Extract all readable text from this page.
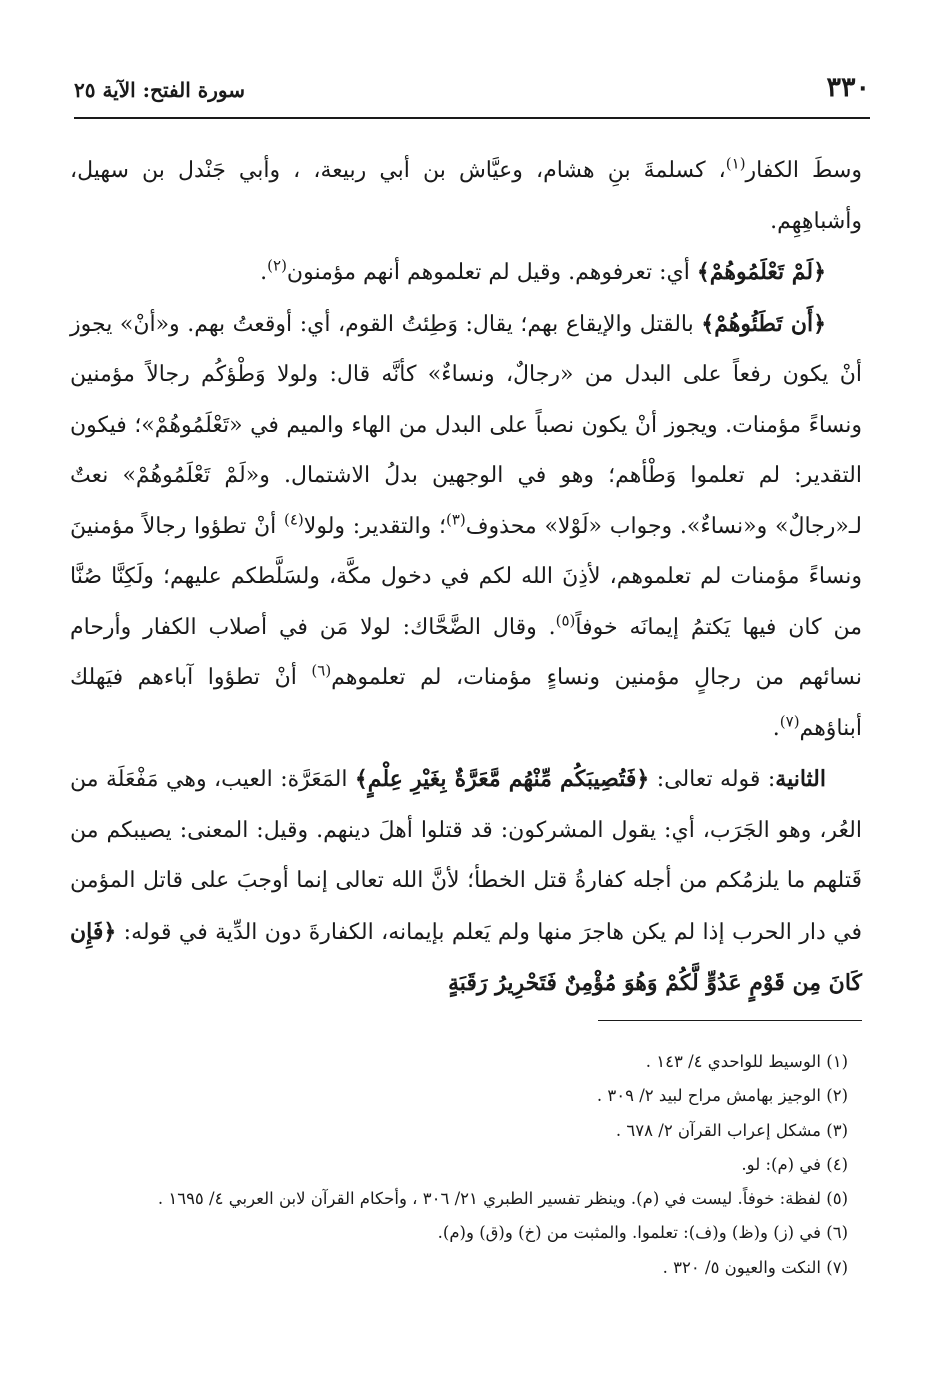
٣٣٠
سورة الفتح: الآية ٢٥

وسطَ الكفار$^{(١)}$، كسلمةَ بنِ هشام، وعيَّاش بن أبي ربيعة، ، وأبي جَنْدل بن سهيل، وأشباهِهِم.

﴿لَمْ تَعْلَمُوهُمْ﴾ أي: تعرفوهم. وقيل لم تعلموهم أنهم مؤمنون$^{(٢)}$.

﴿أَن تَطَئُوهُمْ﴾ بالقتل والإيقاع بهم؛ يقال: وَطِئتُ القوم، أي: أوقعتُ بهم. و«أنْ» يجوز أنْ يكون رفعاً على البدل من «رجالٌ، ونساءٌ» كأنَّه قال: ولولا وَطْؤكُم رجالاً مؤمنين ونساءً مؤمنات. ويجوز أنْ يكون نصباً على البدل من الهاء والميم في «تَعْلَمُوهُمْ»؛ فيكون التقدير: لم تعلموا وَطْأهم؛ وهو في الوجهين بدلُ الاشتمال. و«لَمْ تَعْلَمُوهُمْ» نعتٌ لـ«رجالٌ» و«نساءٌ». وجواب «لَوْلا» محذوف$^{(٣)}$؛ والتقدير: ولولا$^{(٤)}$ أنْ تطؤوا رجالاً مؤمنينَ ونساءً مؤمنات لم تعلموهم، لأذِنَ الله لكم في دخول مكَّة، ولسَلَّطكم عليهم؛ ولَكِنَّا صُنَّا من كان فيها يَكتمُ إيمانَه خوفاً$^{(٥)}$. وقال الضَّحَّاك: لولا مَن في أصلاب الكفار وأرحام نسائهم من رجالٍ مؤمنين ونساءٍ مؤمنات، لم تعلموهم$^{(٦)}$ أنْ تطؤوا آباءهم فيَهلك أبناؤهم$^{(٧)}$.

الثانية: قوله تعالى: ﴿فَتُصِيبَكُم مِّنْهُم مَّعَرَّةٌ بِغَيْرِ عِلْمٍ﴾ المَعَرَّة: العيب، وهي مَفْعَلَة من العُر، وهو الجَرَب، أي: يقول المشركون: قد قتلوا أهلَ دينهم. وقيل: المعنى: يصيبكم من قَتلهم ما يلزمُكم من أجله كفارةُ قتل الخطأ؛ لأنَّ الله تعالى إنما أوجبَ على قاتل المؤمن في دار الحرب إذا لم يكن هاجرَ منها ولم يَعلم بإيمانه، الكفارةَ دون الدِّية في قوله: ﴿فَإِن كَانَ مِن قَوْمٍ عَدُوٍّ لَّكُمْ وَهُوَ مُؤْمِنٌ فَتَحْرِيرُ رَقَبَةٍ

(١) الوسيط للواحدي ٤/ ١٤٣ .
(٢) الوجيز بهامش مراح لبيد ٢/ ٣٠٩ .
(٣) مشكل إعراب القرآن ٢/ ٦٧٨ .
(٤) في (م): لو.
(٥) لفظة: خوفاً. ليست في (م). وينظر تفسير الطبري ٢١/ ٣٠٦ ، وأحكام القرآن لابن العربي ٤/ ١٦٩٥ .
(٦) في (ز) و(ظ) و(ف): تعلموا. والمثبت من (خ) و(ق) و(م).
(٧) النكت والعيون ٥/ ٣٢٠ .
